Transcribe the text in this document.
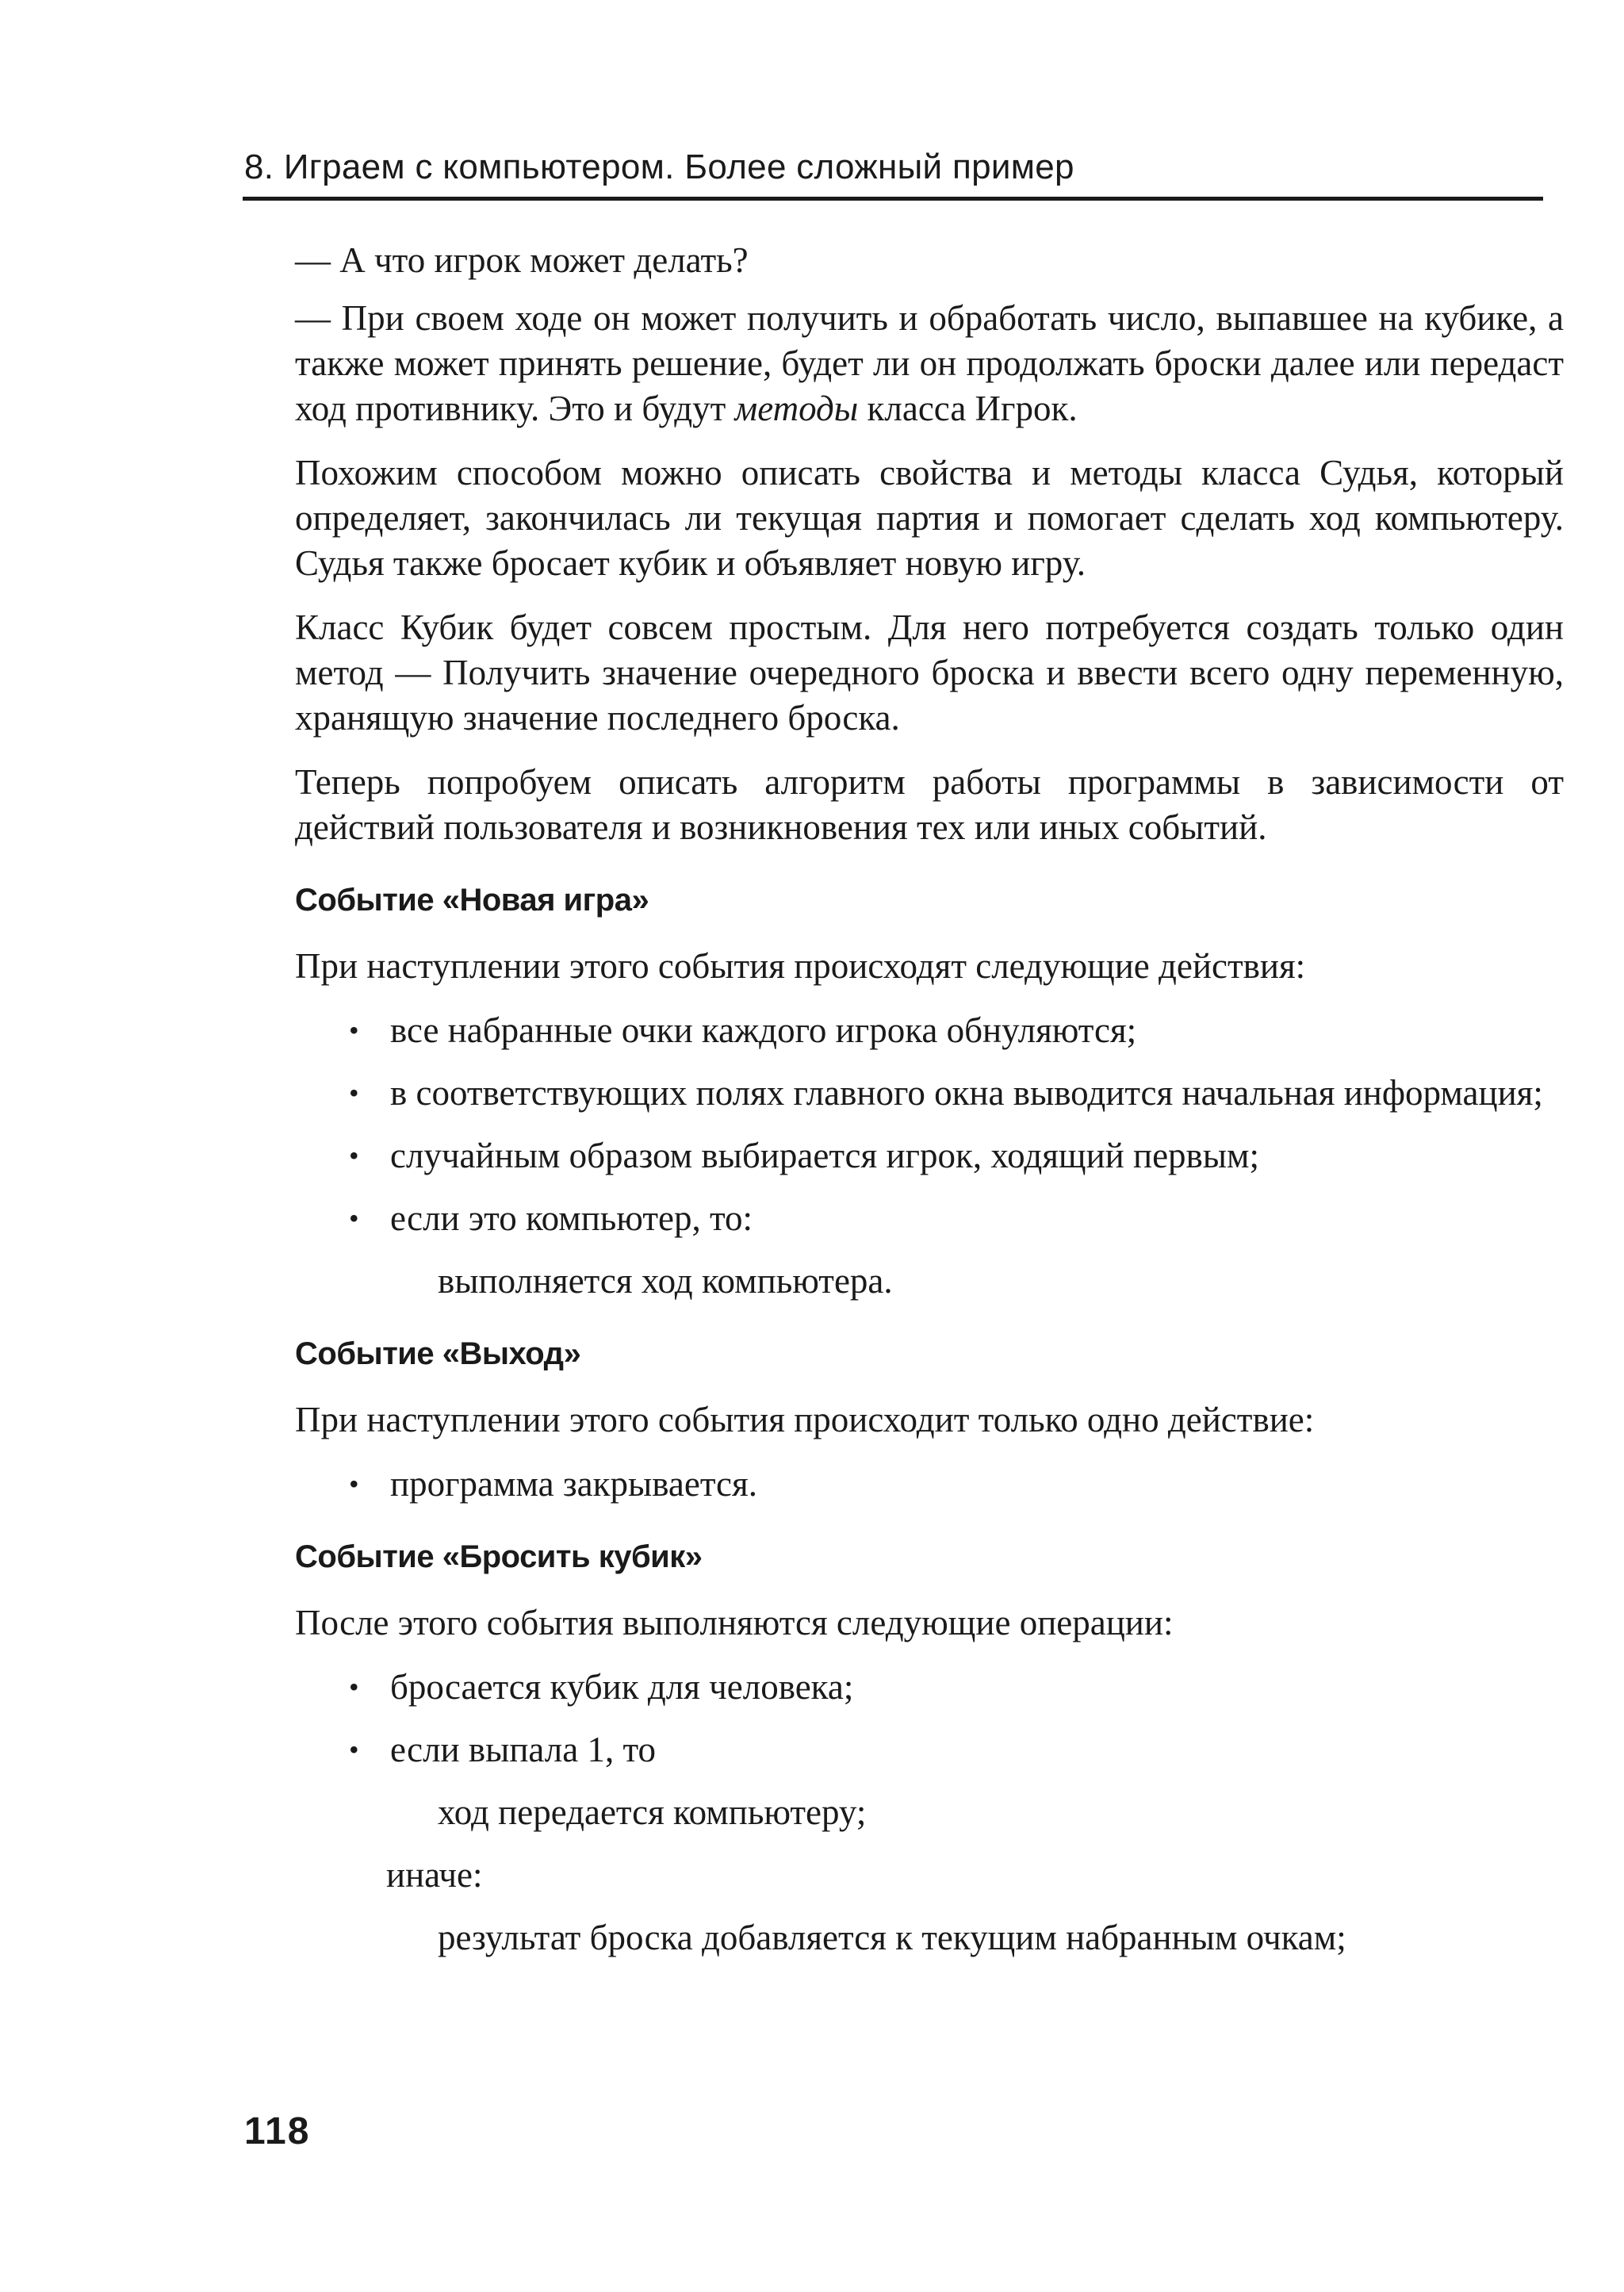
8. Играем с компьютером. Более сложный пример

— А что игрок может делать?

— При своем ходе он может получить и обработать число, выпавшее на кубике, а также может принять решение, будет ли он продолжать броски далее или передаст ход противнику. Это и будут методы класса Игрок.

Похожим способом можно описать свойства и методы класса Судья, который определяет, закончилась ли текущая партия и помогает сделать ход компьютеру. Судья также бросает кубик и объявляет новую игру.

Класс Кубик будет совсем простым. Для него потребуется создать только один метод — Получить значение очередного броска и ввести всего одну переменную, хранящую значение последнего броска.

Теперь попробуем описать алгоритм работы программы в зависимости от действий пользователя и возникновения тех или иных событий.

Событие «Новая игра»

При наступлении этого события происходят следующие действия:

• все набранные очки каждого игрока обнуляются;
• в соответствующих полях главного окна выводится начальная информация;
• случайным образом выбирается игрок, ходящий первым;
• если это компьютер, то:
выполняется ход компьютера.
Событие «Выход»

При наступлении этого события происходит только одно действие:

• программа закрывается.
Событие «Бросить кубик»

После этого события выполняются следующие операции:

• бросается кубик для человека;
• если выпала 1, то
ход передается компьютеру;
иначе:
результат броска добавляется к текущим набранным очкам;
118
